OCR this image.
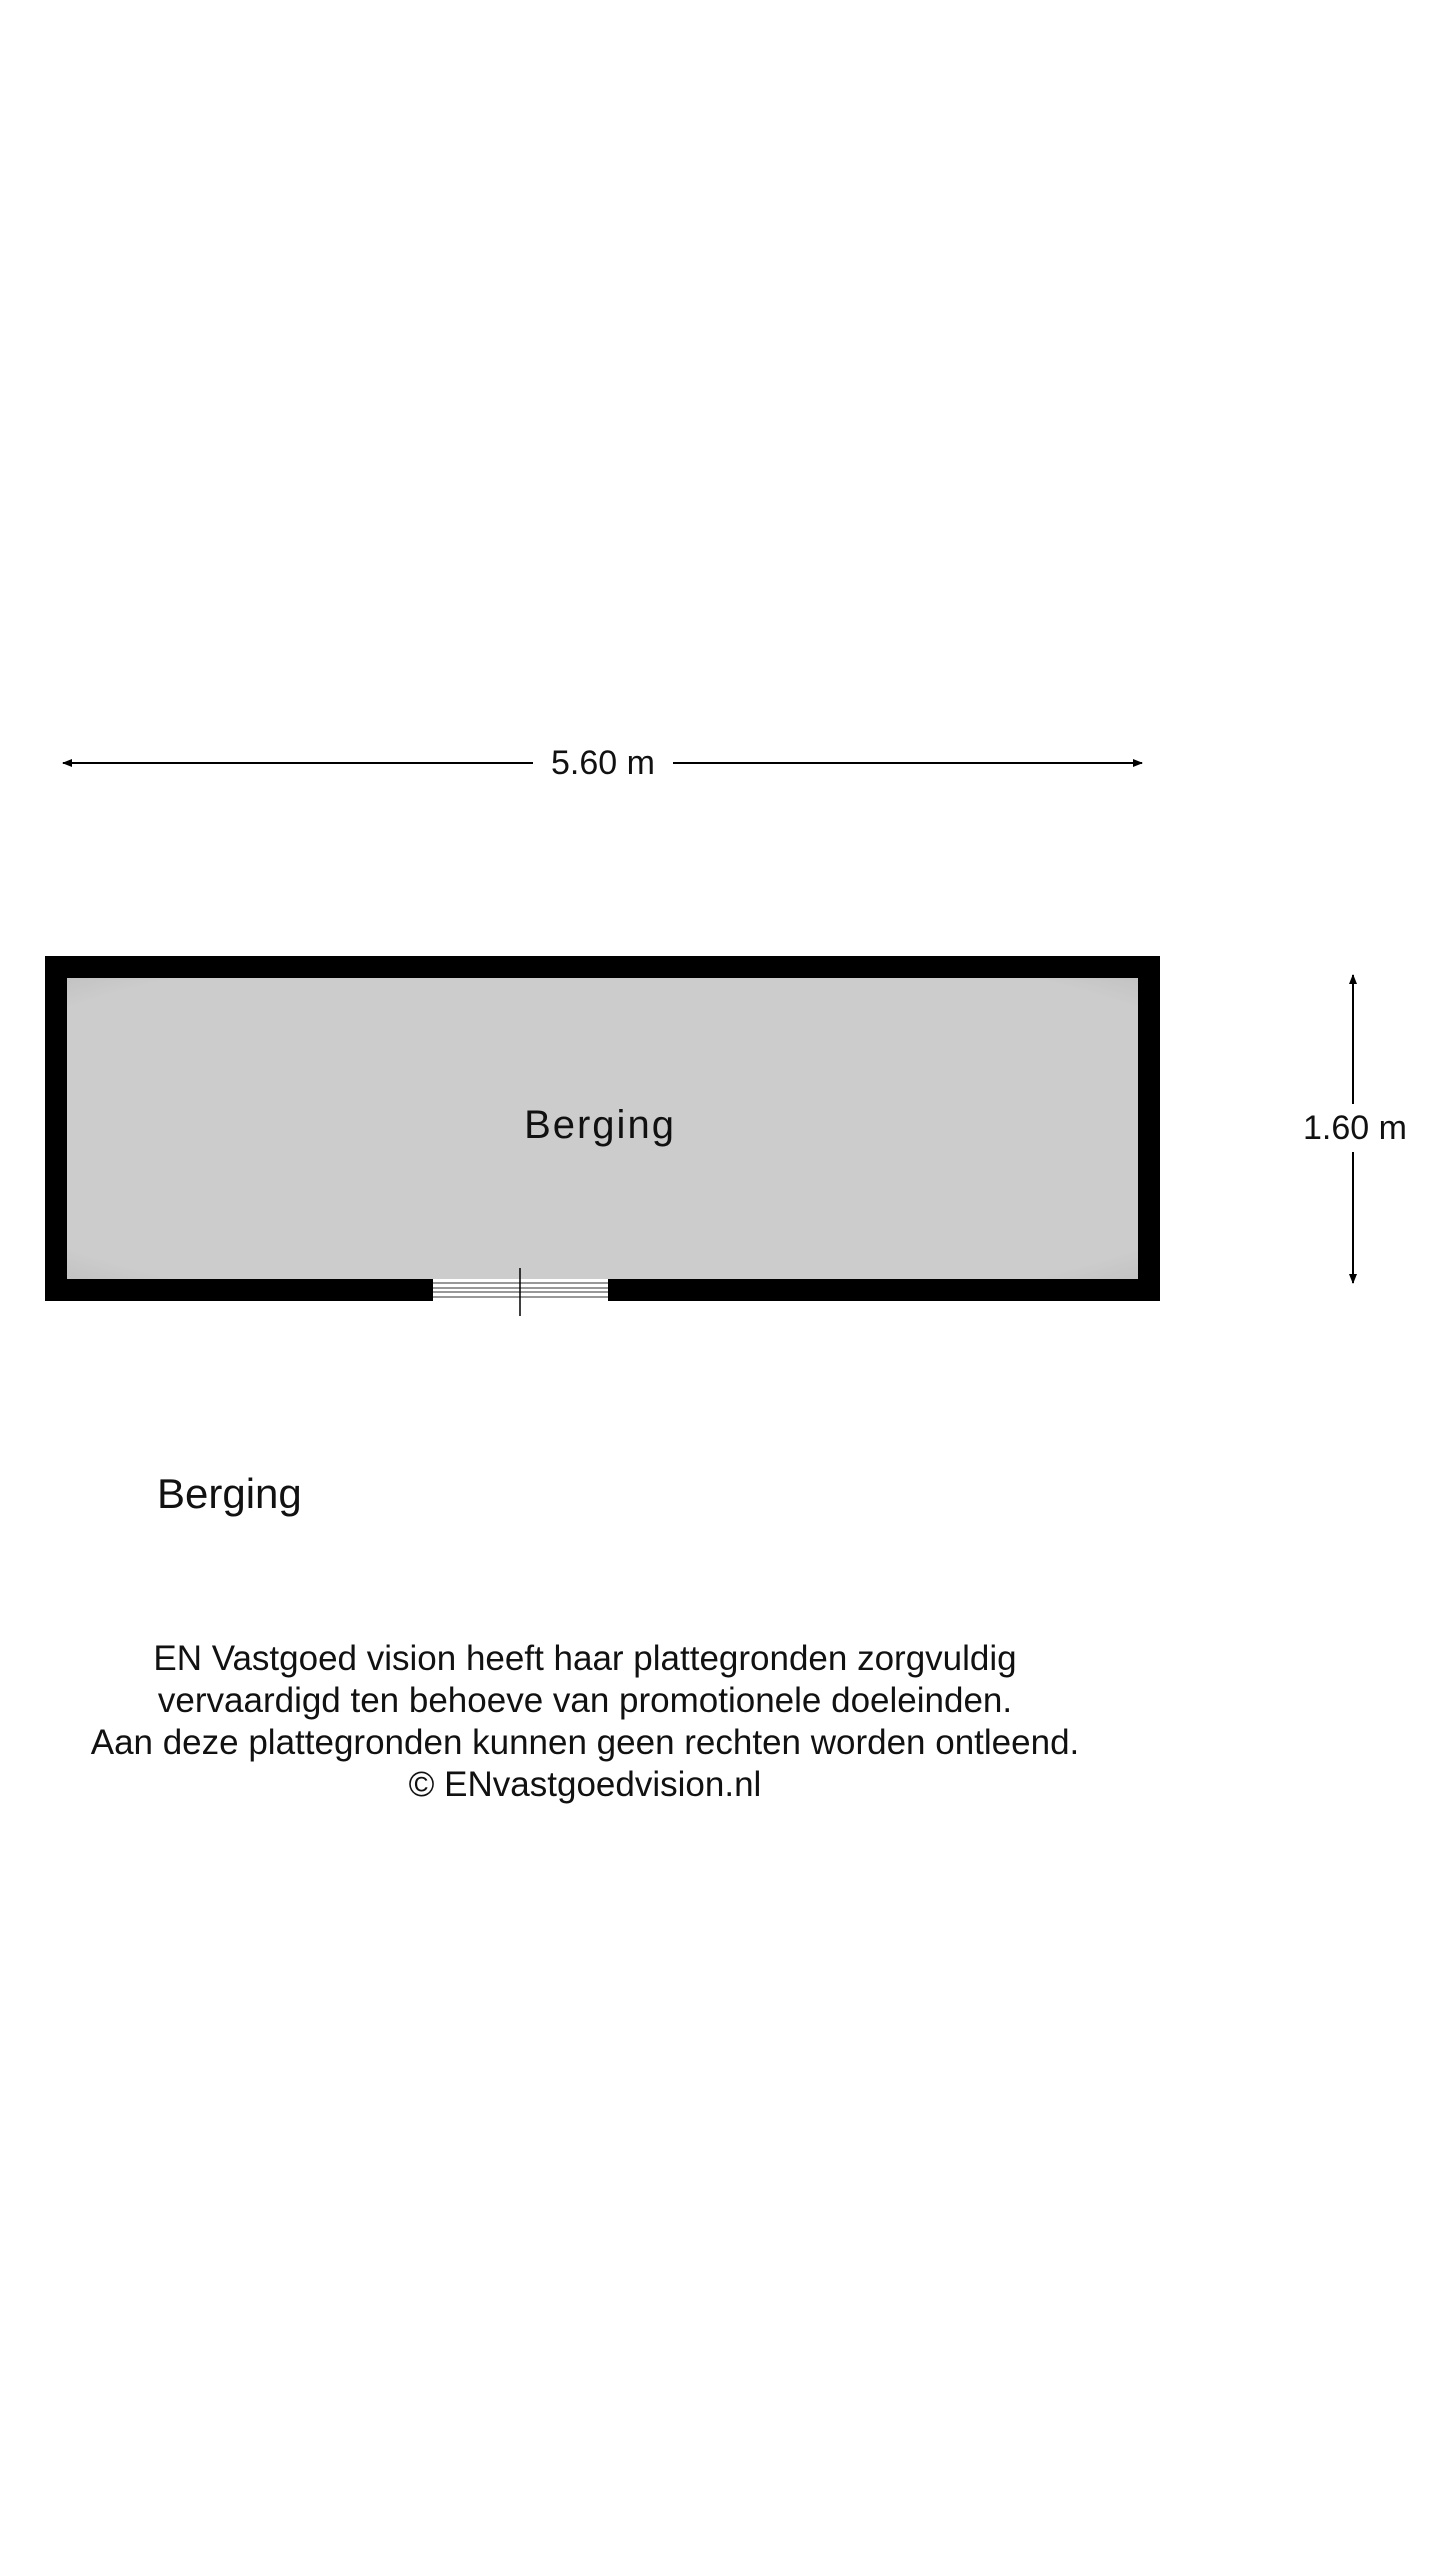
5.60 m
1.60 m
Berging
Berging
EN Vastgoed vision heeft haar plattegronden zorgvuldig
vervaardigd ten behoeve van promotionele doeleinden.
Aan deze plattegronden kunnen geen rechten worden ontleend.
© ENvastgoedvision.nl
